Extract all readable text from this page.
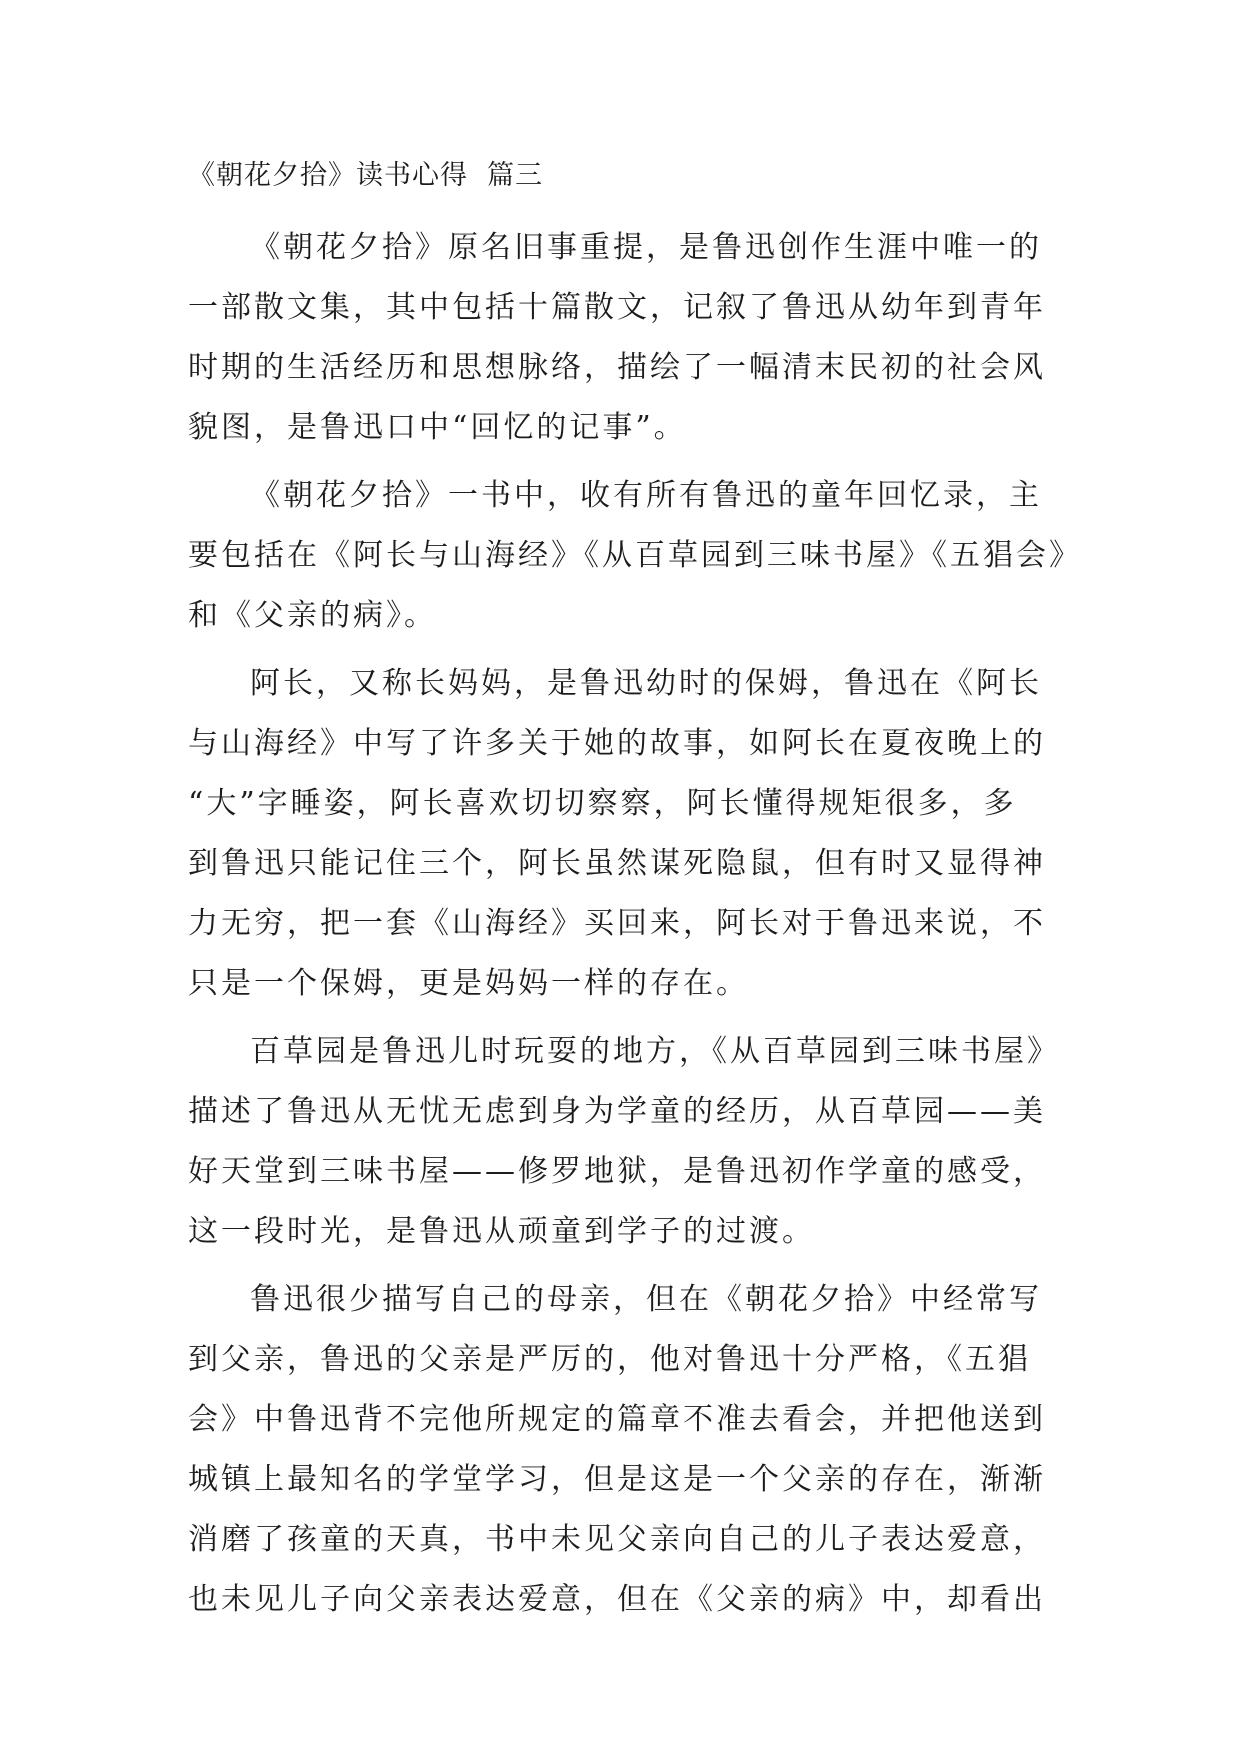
《朝花夕拾》读书心得  篇三
《朝花夕拾》原名旧事重提，是鲁迅创作生涯中唯一的
一部散文集，其中包括十篇散文，记叙了鲁迅从幼年到青年
时期的生活经历和思想脉络，描绘了一幅清末民初的社会风
貌图，是鲁迅口中“回忆的记事”。
《朝花夕拾》一书中，收有所有鲁迅的童年回忆录，主
要包括在《阿长与山海经》《从百草园到三味书屋》《五猖会》
和《父亲的病》。
阿长，又称长妈妈，是鲁迅幼时的保姆，鲁迅在《阿长
与山海经》中写了许多关于她的故事，如阿长在夏夜晚上的
“大”字睡姿，阿长喜欢切切察察，阿长懂得规矩很多，多
到鲁迅只能记住三个，阿长虽然谋死隐鼠，但有时又显得神
力无穷，把一套《山海经》买回来，阿长对于鲁迅来说，不
只是一个保姆，更是妈妈一样的存在。
百草园是鲁迅儿时玩耍的地方，《从百草园到三味书屋》
描述了鲁迅从无忧无虑到身为学童的经历，从百草园——美
好天堂到三味书屋——修罗地狱，是鲁迅初作学童的感受，
这一段时光，是鲁迅从顽童到学子的过渡。
鲁迅很少描写自己的母亲，但在《朝花夕拾》中经常写
到父亲，鲁迅的父亲是严厉的，他对鲁迅十分严格，《五猖
会》中鲁迅背不完他所规定的篇章不准去看会，并把他送到
城镇上最知名的学堂学习，但是这是一个父亲的存在，渐渐
消磨了孩童的天真，书中未见父亲向自己的儿子表达爱意，
也未见儿子向父亲表达爱意，但在《父亲的病》中，却看出
